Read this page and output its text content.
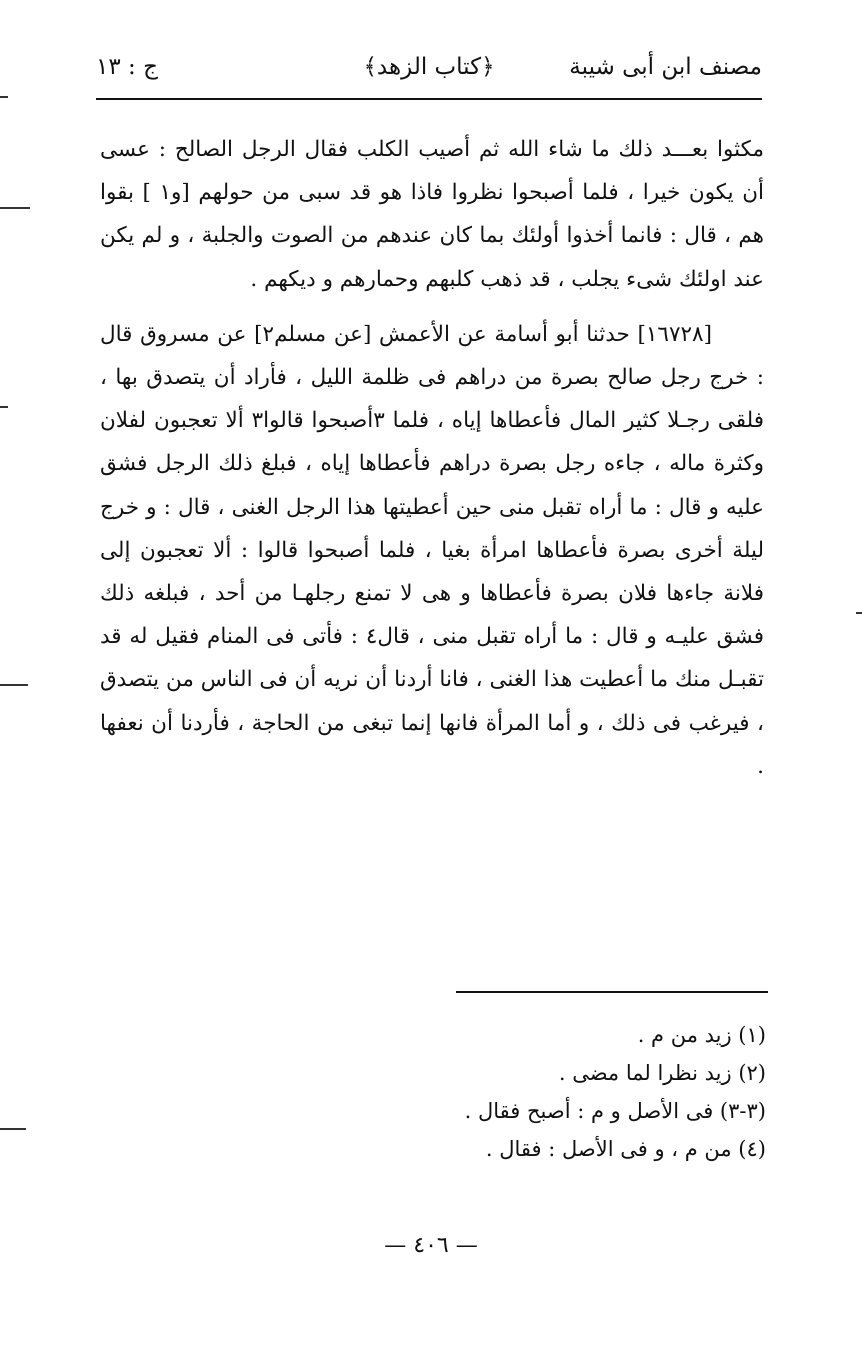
مصنف ابن أبى شيبة
﴿كتاب الزهد﴾
ج : ١٣

مكثوا بعـــد ذلك ما شاء الله ثم أصيب الكلب فقال الرجل الصالح : عسى أن يكون خيرا ، فلما أصبحوا نظروا فاذا هو قد سبى من حولهم [و١ ] بقوا هم ، قال : فانما أخذوا أولئك بما كان عندهم من الصوت والجلبة ، و لم يكن عند اولئك شىء يجلب ، قد ذهب كلبهم وحمارهم و ديكهم .

[١٦٧٢٨] حدثنا أبو أسامة عن الأعمش [عن مسلم٢] عن مسروق قال : خرج رجل صالح بصرة من دراهم فى ظلمة الليل ، فأراد أن يتصدق بها ، فلقى رجـلا كثير المال فأعطاها إياه ، فلما ٣أصبحوا قالوا٣ ألا تعجبون لفلان وكثرة ماله ، جاءه رجل بصرة دراهم فأعطاها إياه ، فبلغ ذلك الرجل فشق عليه و قال : ما أراه تقبل منى حين أعطيتها هذا الرجل الغنى ، قال : و خرج ليلة أخرى بصرة فأعطاها امرأة بغيا ، فلما أصبحوا قالوا : ألا تعجبون إلى فلانة جاءها فلان بصرة فأعطاها و هى لا تمنع رجلهـا من أحد ، فبلغه ذلك فشق عليـه و قال : ما أراه تقبل منى ، قال٤ : فأتى فى المنام فقيل له قد تقبـل منك ما أعطيت هذا الغنى ، فانا أردنا أن نريه أن فى الناس من يتصدق ، فيرغب فى ذلك ، و أما المرأة فانها إنما تبغى من الحاجة ، فأردنا أن نعفها .

(١) زيد من م .
(٢) زيد نظرا لما مضى .
(٣-٣) فى الأصل و م : أصبح فقال .
(٤) من م ، و فى الأصل : فقال .
— ٤٠٦ —
